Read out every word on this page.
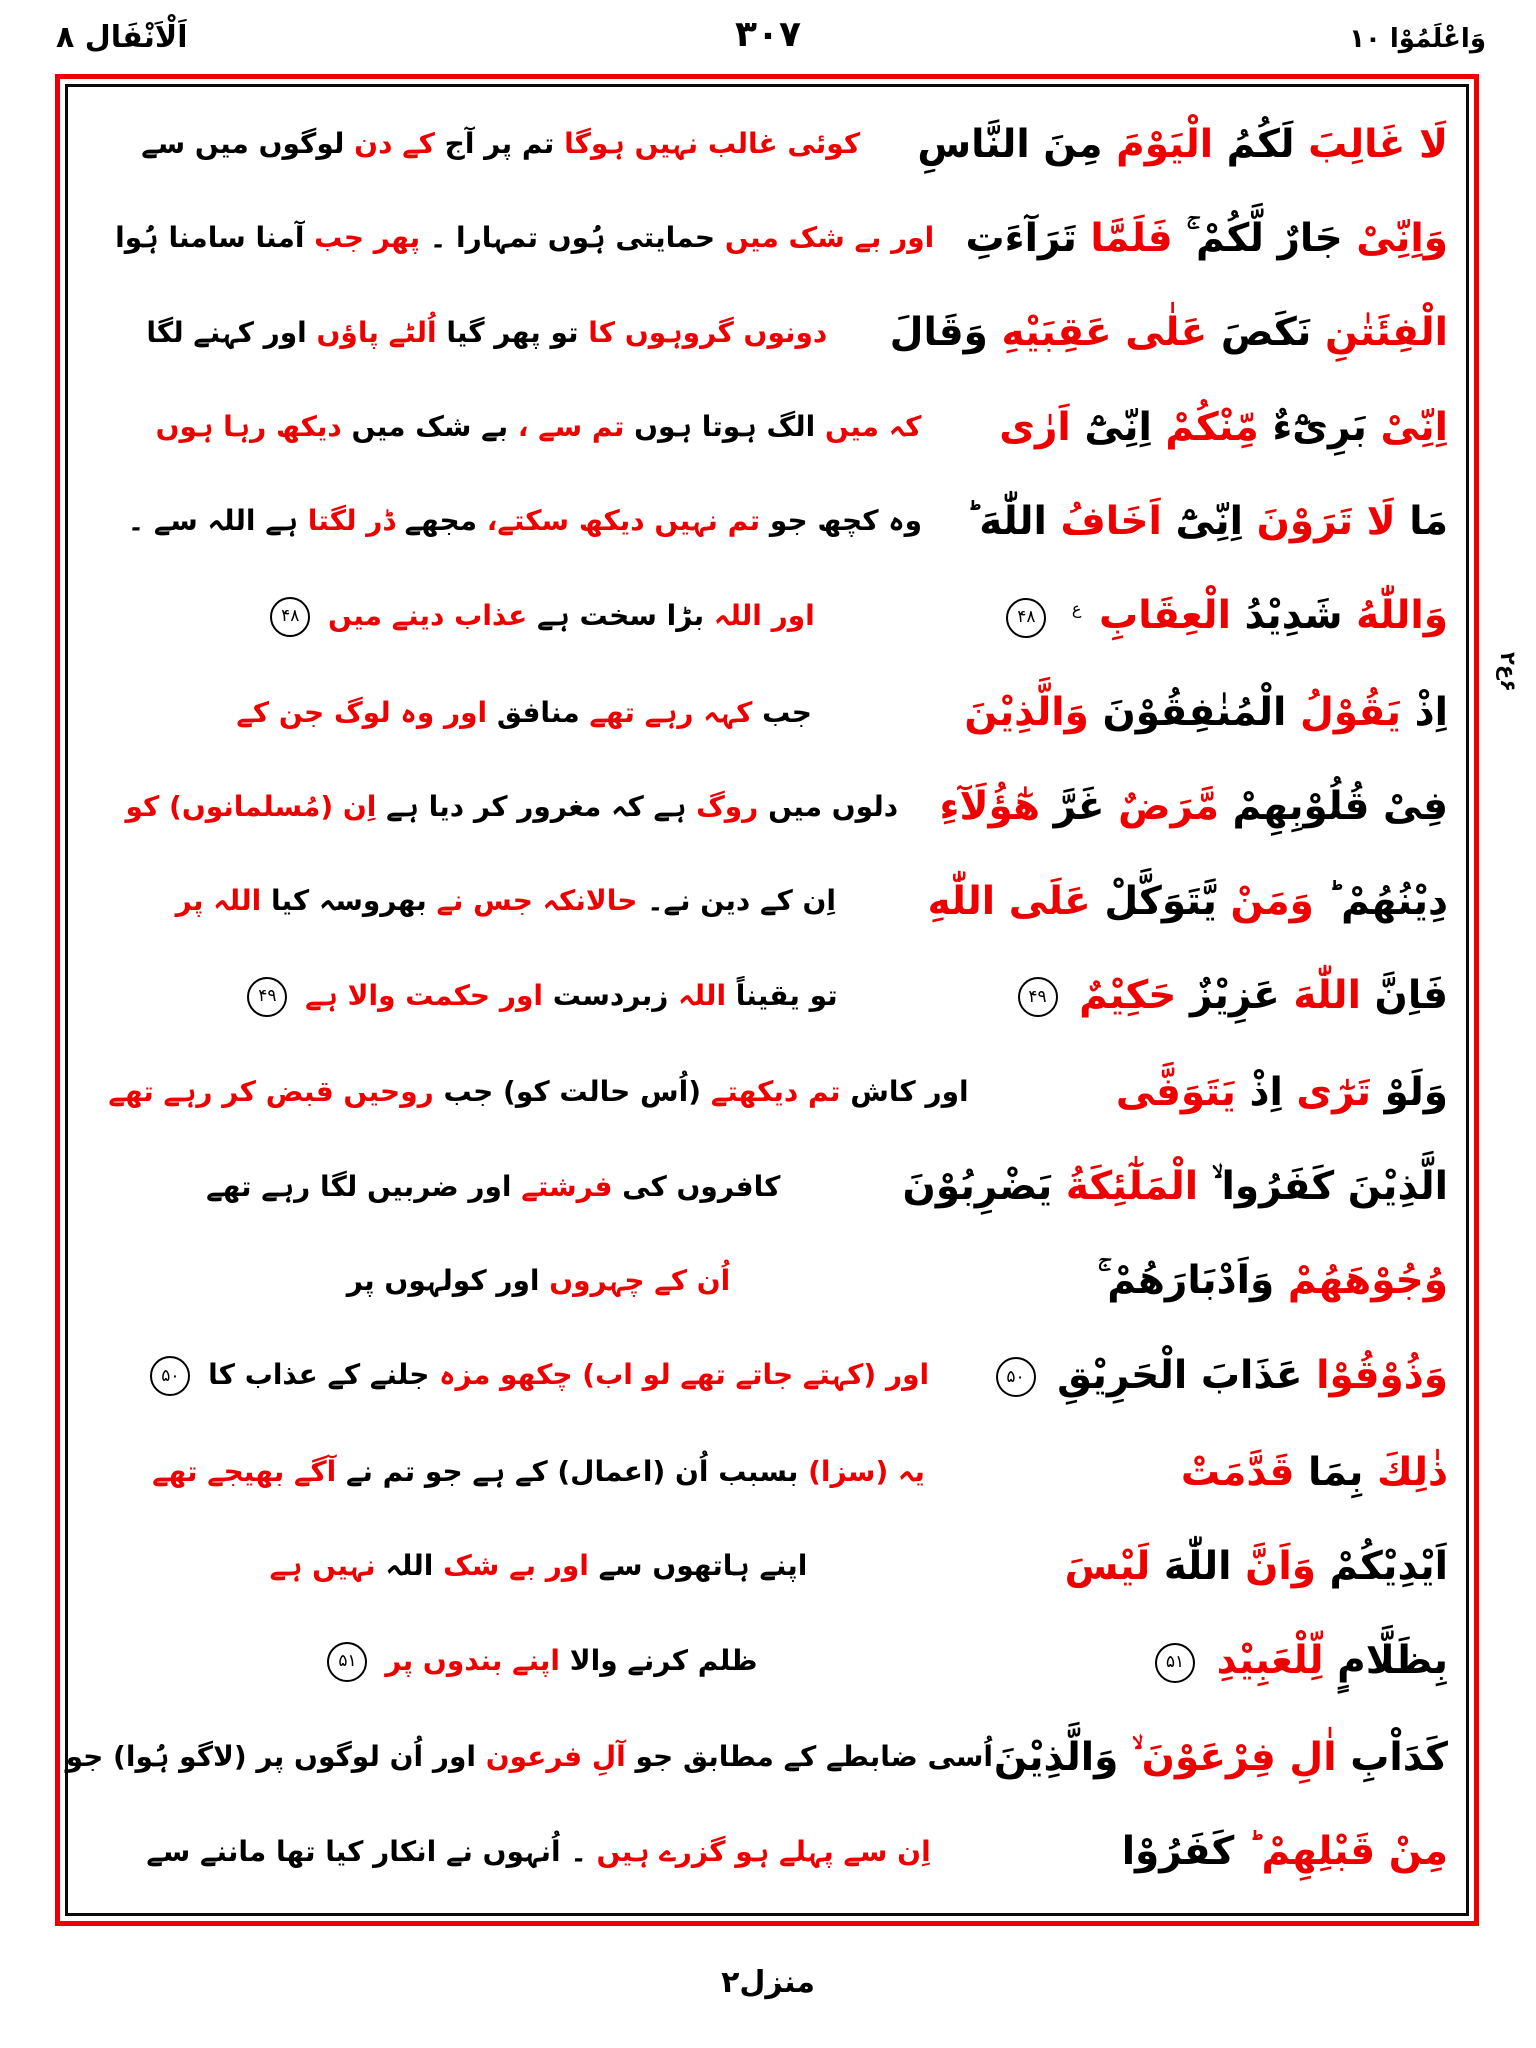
اَلْاَنْفَال ٨	۳۰۷	وَاعْلَمُوْا ۱۰
لَا غَالِبَ لَكُمُ الْیَوْمَ مِنَ النَّاسِ
کوئی غالب نہیں ہوگا تم پر آج کے دن لوگوں میں سے
وَاِنِّیْ جَارٌ لَّكُمْ ۚ فَلَمَّا تَرَآءَتِ
اور بے شک میں حمایتی ہُوں تمہارا ۔ پھر جب آمنا سامنا ہُوا
الْفِئَتٰنِ نَكَصَ عَلٰی عَقِبَیْهِ وَقَالَ
دونوں گروہوں کا تو پھر گیا اُلٹے پاؤں اور کہنے لگا
اِنِّیْ بَرِیْٓءٌ مِّنْكُمْ اِنِّیْٓ اَرٰی
کہ میں الگ ہوتا ہوں تم سے ، بے شک میں دیکھ رہا ہوں
مَا لَا تَرَوْنَ اِنِّیْٓ اَخَافُ اللّٰهَ ؕ
وہ کچھ جو تم نہیں دیکھ سکتے، مجھے ڈر لگتا ہے اللہ سے ۔
وَاللّٰهُ شَدِیْدُ الْعِقَابِ $^ع$ ۴۸
اور اللہ بڑا سخت ہے عذاب دینے میں ۴۸
اِذْ یَقُوْلُ الْمُنٰفِقُوْنَ وَالَّذِیْنَ
جب کہہ رہے تھے منافق اور وہ لوگ جن کے
فِیْ قُلُوْبِهِمْ مَّرَضٌ غَرَّ هٰٓؤُلَآءِ
دلوں میں روگ ہے کہ مغرور کر دیا ہے اِن (مُسلمانوں) کو
دِیْنُهُمْ ؕ وَمَنْ یَّتَوَكَّلْ عَلَی اللّٰهِ
اِن کے دین نے۔ حالانکہ جس نے بھروسہ کیا اللہ پر
فَاِنَّ اللّٰهَ عَزِیْزٌ حَكِیْمٌ ۴۹
تو یقیناً اللہ زبردست اور حکمت والا ہے ۴۹
وَلَوْ تَرٰٓی اِذْ یَتَوَفَّی
اور کاش تم دیکھتے (اُس حالت کو) جب روحیں قبض کر رہے تھے
الَّذِیْنَ كَفَرُوا ۙ الْمَلٰٓئِكَةُ یَضْرِبُوْنَ
کافروں کی فرشتے اور ضربیں لگا رہے تھے
وُجُوْهَهُمْ وَاَدْبَارَهُمْ ۚ
اُن کے چہروں اور کولہوں پر
وَذُوْقُوْا عَذَابَ الْحَرِیْقِ ۵۰
اور (کہتے جاتے تھے لو اب) چکھو مزہ جلنے کے عذاب کا ۵۰
ذٰلِكَ بِمَا قَدَّمَتْ
یہ (سزا) بسبب اُن (اعمال) کے ہے جو تم نے آگے بھیجے تھے
اَیْدِیْكُمْ وَاَنَّ اللّٰهَ لَیْسَ
اپنے ہاتھوں سے اور بے شک اللہ نہیں ہے
بِظَلَّامٍ لِّلْعَبِیْدِ ۵۱
ظلم کرنے والا اپنے بندوں پر ۵۱
كَدَاْبِ اٰلِ فِرْعَوْنَ ۙ وَالَّذِیْنَ
اُسی ضابطے کے مطابق جو آلِ فرعون اور اُن لوگوں پر (لاگو ہُوا) جو
مِنْ قَبْلِهِمْ ؕ كَفَرُوْا
اِن سے پہلے ہو گزرے ہیں ۔ اُنہوں نے انکار کیا تھا ماننے سے
۶ع۲
منزل۲
